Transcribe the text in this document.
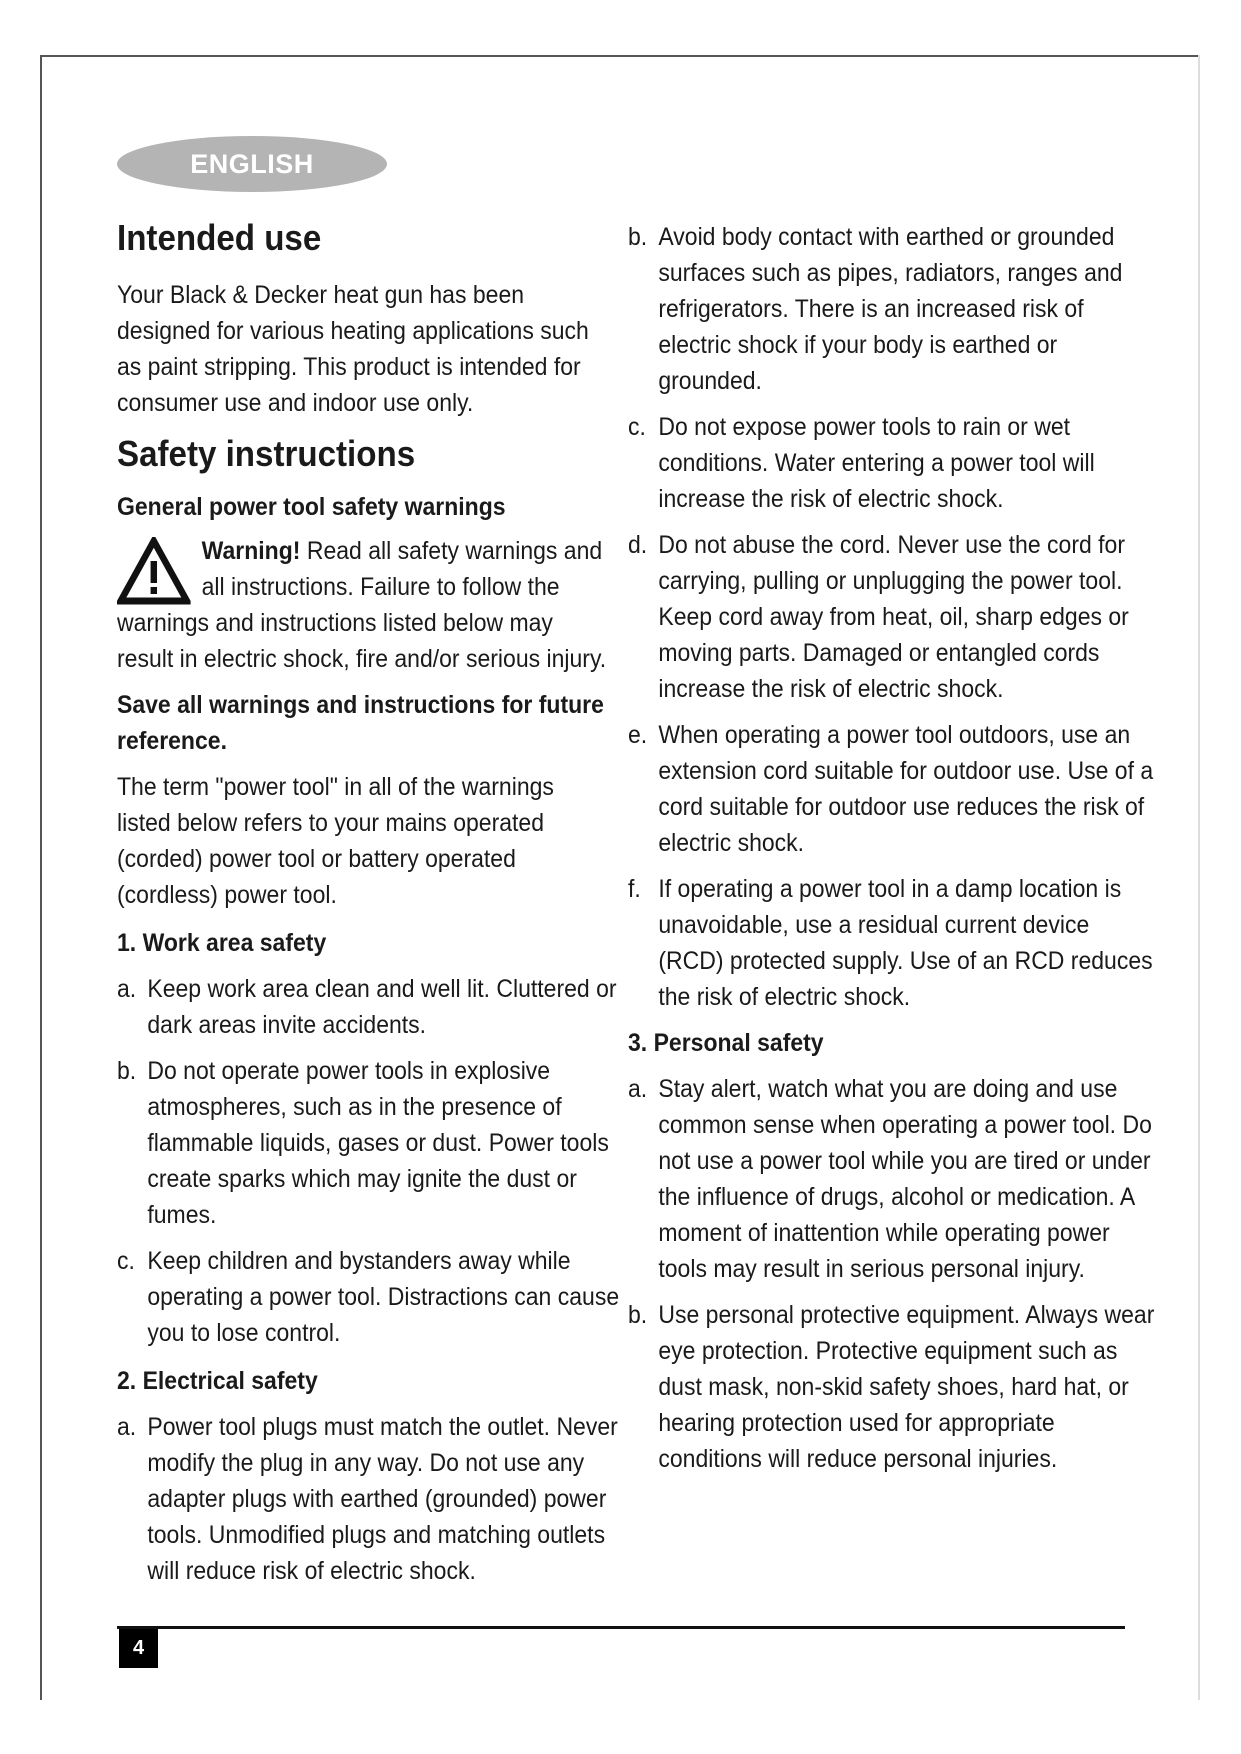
ENGLISH
Intended use

Your Black & Decker heat gun has been designed for various heating applications such as paint stripping. This product is intended for consumer use and indoor use only.

Safety instructions
General power tool safety warnings

Warning! Read all safety warnings and all instructions. Failure to follow the warnings and instructions listed below may result in electric shock, ﬁre and/or serious injury.

Save all warnings and instructions for future reference.

The term "power tool" in all of the warnings listed below refers to your mains operated (corded) power tool or battery operated (cordless) power tool.

1. Work area safety
a. Keep work area clean and well lit. Cluttered or dark areas invite accidents.

b. Do not operate power tools in explosive atmospheres, such as in the presence of ﬂammable liquids, gases or dust. Power tools create sparks which may ignite the dust or fumes.

c. Keep children and bystanders away while operating a power tool. Distractions can cause you to lose control.

2. Electrical safety
a. Power tool plugs must match the outlet. Never modify the plug in any way. Do not use any adapter plugs with earthed (grounded) power tools. Unmodiﬁed plugs and matching outlets will reduce risk of electric shock.

b. Avoid body contact with earthed or grounded surfaces such as pipes, radiators, ranges and refrigerators. There is an increased risk of electric shock if your body is earthed or grounded.

c. Do not expose power tools to rain or wet conditions. Water entering a power tool will increase the risk of electric shock.

d. Do not abuse the cord. Never use the cord for carrying, pulling or unplugging the power tool. Keep cord away from heat, oil, sharp edges or moving parts. Damaged or entangled cords increase the risk of electric shock.

e. When operating a power tool outdoors, use an extension cord suitable for outdoor use. Use of a cord suitable for outdoor use reduces the risk of electric shock.

f. If operating a power tool in a damp location is unavoidable, use a residual current device (RCD) protected supply. Use of an RCD reduces the risk of electric shock.

3. Personal safety
a. Stay alert, watch what you are doing and use common sense when operating a power tool. Do not use a power tool while you are tired or under the inﬂuence of drugs, alcohol or medication. A moment of inattention while operating power tools may result in serious personal injury.

b. Use personal protective equipment. Always wear eye protection. Protective equipment such as dust mask, non-skid safety shoes, hard hat, or hearing protection used for appropriate conditions will reduce personal injuries.

4
